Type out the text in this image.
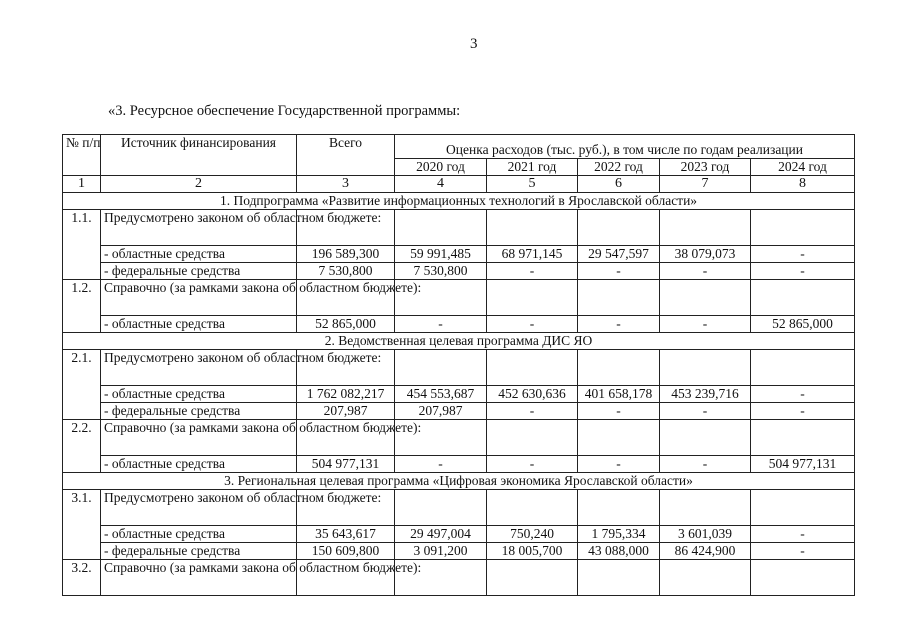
3
«3. Ресурсное обеспечение Государственной программы:
№ п/п	Источник финансирования	Всего	Оценка расходов (тыс. руб.), в том числе по годам реализации				
			2020 год	2021 год	2022 год	2023 год	2024 год
1	2	3	4	5	6	7	8
1. Подпрограмма «Развитие информационных технологий в Ярославской области»							
1.1.	Предусмотрено законом об областном бюджете:						
	- областные средства	196 589,300	59 991,485	68 971,145	29 547,597	38 079,073	-
	- федеральные средства	7 530,800	7 530,800	-	-	-	-
1.2.	Справочно (за рамками закона об областном бюджете):						
	- областные средства	52 865,000	-	-	-	-	52 865,000
2. Ведомственная целевая программа ДИС ЯО							
2.1.	Предусмотрено законом об областном бюджете:						
	- областные средства	1 762 082,217	454 553,687	452 630,636	401 658,178	453 239,716	-
	- федеральные средства	207,987	207,987	-	-	-	-
2.2.	Справочно (за рамками закона об областном бюджете):						
	- областные средства	504 977,131	-	-	-	-	504 977,131
3. Региональная целевая программа «Цифровая экономика Ярославской области»							
3.1.	Предусмотрено законом об областном бюджете:						
	- областные средства	35 643,617	29 497,004	750,240	1 795,334	3 601,039	-
	- федеральные средства	150 609,800	3 091,200	18 005,700	43 088,000	86 424,900	-
3.2.	Справочно (за рамками закона об областном бюджете):						
